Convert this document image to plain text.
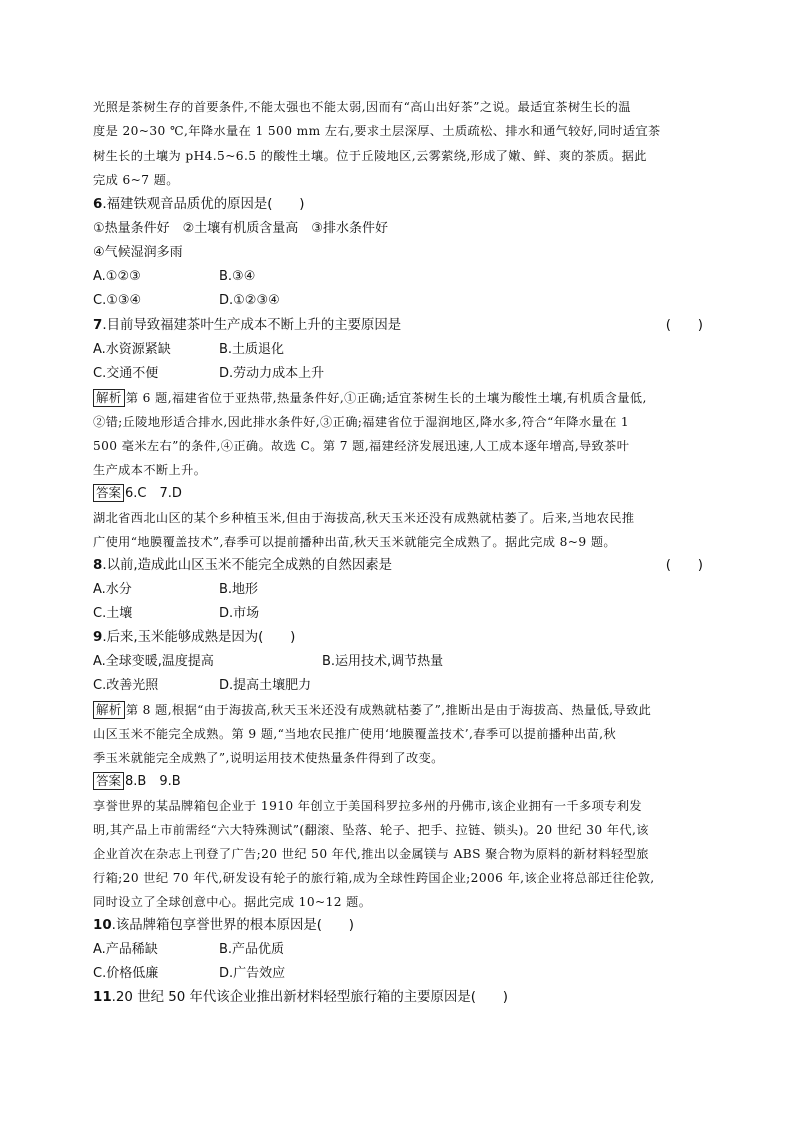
光照是茶树生存的首要条件,不能太强也不能太弱,因而有“高山出好茶”之说。最适宜茶树生长的温
度是 20~30 ℃,年降水量在 1 500 mm 左右,要求土层深厚、土质疏松、排水和通气较好,同时适宜茶
树生长的土壤为 pH4.5~6.5 的酸性土壤。位于丘陵地区,云雾萦绕,形成了嫩、鲜、爽的茶质。据此
完成 6~7 题。
6.福建铁观音品质优的原因是(　　)
①热量条件好　②土壤有机质含量高　③排水条件好
④气候湿润多雨
A.①②③	B.③④
C.①③④	D.①②③④
7.目前导致福建茶叶生产成本不断上升的主要原因是	(　　)
A.水资源紧缺	B.土质退化
C.交通不便	D.劳动力成本上升
解析 第 6 题,福建省位于亚热带,热量条件好,①正确;适宜茶树生长的土壤为酸性土壤,有机质含量低,
②错;丘陵地形适合排水,因此排水条件好,③正确;福建省位于湿润地区,降水多,符合“年降水量在 1
500 毫米左右”的条件,④正确。故选 C。第 7 题,福建经济发展迅速,人工成本逐年增高,导致茶叶
生产成本不断上升。
答案 6.C　7.D
湖北省西北山区的某个乡种植玉米,但由于海拔高,秋天玉米还没有成熟就枯萎了。后来,当地农民推
广使用“地膜覆盖技术”,春季可以提前播种出苗,秋天玉米就能完全成熟了。据此完成 8~9 题。
8.以前,造成此山区玉米不能完全成熟的自然因素是	(　　)
A.水分	B.地形
C.土壤	D.市场
9.后来,玉米能够成熟是因为(　　)
A.全球变暖,温度提高	B.运用技术,调节热量
C.改善光照	D.提高土壤肥力
解析 第 8 题,根据“由于海拔高,秋天玉米还没有成熟就枯萎了”,推断出是由于海拔高、热量低,导致此
山区玉米不能完全成熟。第 9 题,“当地农民推广使用‘地膜覆盖技术’,春季可以提前播种出苗,秋
季玉米就能完全成熟了”,说明运用技术使热量条件得到了改变。
答案 8.B　9.B
享誉世界的某品牌箱包企业于 1910 年创立于美国科罗拉多州的丹佛市,该企业拥有一千多项专利发
明,其产品上市前需经“六大特殊测试”(翻滚、坠落、轮子、把手、拉链、锁头)。20 世纪 30 年代,该
企业首次在杂志上刊登了广告;20 世纪 50 年代,推出以金属镁与 ABS 聚合物为原料的新材料轻型旅
行箱;20 世纪 70 年代,研发设有轮子的旅行箱,成为全球性跨国企业;2006 年,该企业将总部迁往伦敦,
同时设立了全球创意中心。据此完成 10~12 题。
10.该品牌箱包享誉世界的根本原因是(　　)
A.产品稀缺	B.产品优质
C.价格低廉	D.广告效应
11.20 世纪 50 年代该企业推出新材料轻型旅行箱的主要原因是(　　)
